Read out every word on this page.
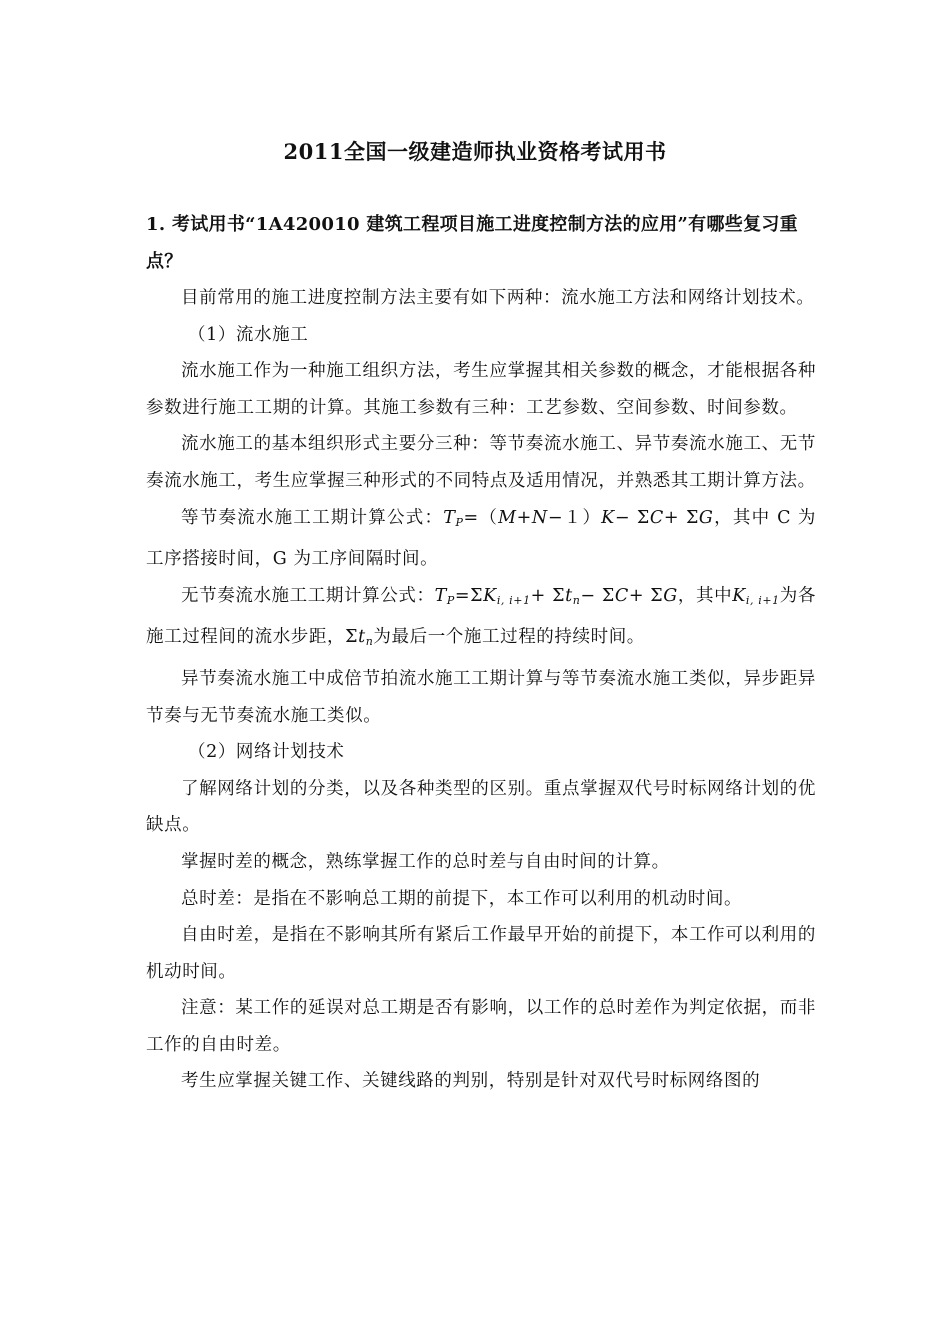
2011全国一级建造师执业资格考试用书
1. 考试用书“1A420010 建筑工程项目施工进度控制方法的应用”有哪些复习重点？

目前常用的施工进度控制方法主要有如下两种：流水施工方法和网络计划技术。

（1）流水施工

流水施工作为一种施工组织方法，考生应掌握其相关参数的概念，才能根据各种参数进行施工工期的计算。其施工参数有三种：工艺参数、空间参数、时间参数。

流水施工的基本组织形式主要分三种：等节奏流水施工、异节奏流水施工、无节奏流水施工，考生应掌握三种形式的不同特点及适用情况，并熟悉其工期计算方法。

等节奏流水施工工期计算公式：TP=（M+N−１）K− ΣC+ ΣG，其中 C 为工序搭接时间，G 为工序间隔时间。

无节奏流水施工工期计算公式：TP=ΣKi, i+1+ Σtn− ΣC+ ΣG，其中Ki, i+1为各施工过程间的流水步距，Σtn为最后一个施工过程的持续时间。

异节奏流水施工中成倍节拍流水施工工期计算与等节奏流水施工类似，异步距异节奏与无节奏流水施工类似。

（2）网络计划技术

了解网络计划的分类，以及各种类型的区别。重点掌握双代号时标网络计划的优缺点。

掌握时差的概念，熟练掌握工作的总时差与自由时间的计算。

总时差：是指在不影响总工期的前提下，本工作可以利用的机动时间。

自由时差，是指在不影响其所有紧后工作最早开始的前提下，本工作可以利用的机动时间。

注意：某工作的延误对总工期是否有影响，以工作的总时差作为判定依据，而非工作的自由时差。

考生应掌握关键工作、关键线路的判别，特别是针对双代号时标网络图的
